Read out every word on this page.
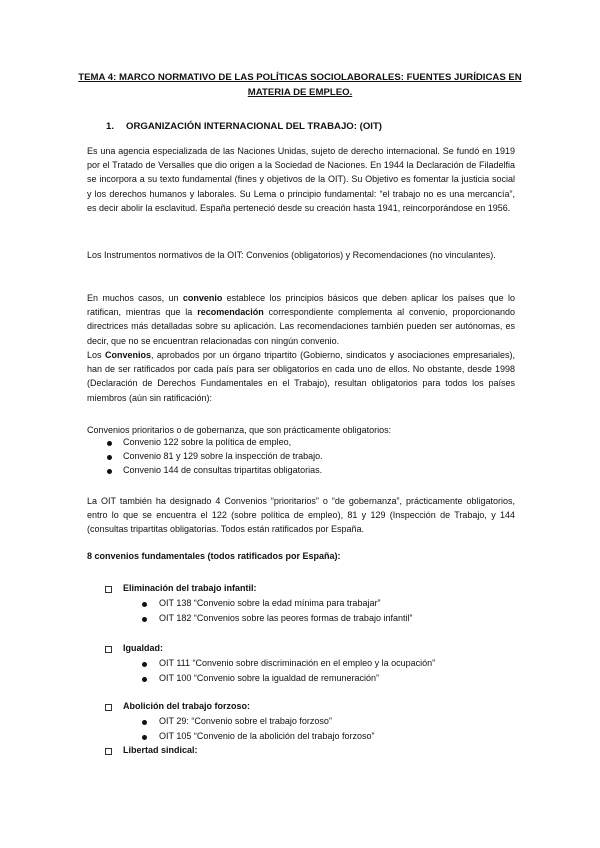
TEMA 4: MARCO NORMATIVO DE LAS POLÍTICAS SOCIOLABORALES: FUENTES JURÍDICAS EN
MATERIA DE EMPLEO.
1. ORGANIZACIÓN INTERNACIONAL DEL TRABAJO: (OIT)

Es una agencia especializada de las Naciones Unidas, sujeto de derecho internacional. Se fundó en 1919 por el Tratado de Versalles que dio origen a la Sociedad de Naciones. En 1944 la Declaración de Filadelfia se incorpora a su texto fundamental (fines y objetivos de la OIT). Su Objetivo es fomentar la justicia social y los derechos humanos y laborales. Su Lema o principio fundamental: “el trabajo no es una mercancía”, es decir abolir la esclavitud. España perteneció desde su creación hasta 1941, reincorporándose en 1956.

Los Instrumentos normativos de la OIT: Convenios (obligatorios) y Recomendaciones (no vinculantes).

En muchos casos, un convenio establece los principios básicos que deben aplicar los países que lo ratifican, mientras que la recomendación correspondiente complementa al convenio, proporcionando directrices más detalladas sobre su aplicación. Las recomendaciones también pueden ser autónomas, es decir, que no se encuentran relacionadas con ningún convenio.

Los Convenios, aprobados por un órgano tripartito (Gobierno, sindicatos y asociaciones empresariales), han de ser ratificados por cada país para ser obligatorios en cada uno de ellos. No obstante, desde 1998 (Declaración de Derechos Fundamentales en el Trabajo), resultan obligatorios para todos los países miembros (aún sin ratificación):

Convenios prioritarios o de gobernanza, que son prácticamente obligatorios:

Convenio 122 sobre la política de empleo,
Convenio 81 y 129 sobre la inspección de trabajo.
Convenio 144 de consultas tripartitas obligatorias.

La OIT también ha designado 4 Convenios “prioritarios” o “de gobernanza”, prácticamente obligatorios, entro lo que se encuentra el 122 (sobre política de empleo), 81 y 129 (Inspección de Trabajo, y 144 (consultas tripartitas obligatorias. Todos están ratificados por España.

8 convenios fundamentales (todos ratificados por España):
Eliminación del trabajo infantil:
OIT 138 “Convenio sobre la edad mínima para trabajar”
OIT 182 “Convenios sobre las peores formas de trabajo infantil”
Igualdad:
OIT 111 “Convenio sobre discriminación en el empleo y la ocupación”
OIT 100 “Convenio sobre la igualdad de remuneración”
Abolición del trabajo forzoso:
OIT 29: “Convenio sobre el trabajo forzoso”
OIT 105 “Convenio de la abolición del trabajo forzoso”
Libertad sindical:
